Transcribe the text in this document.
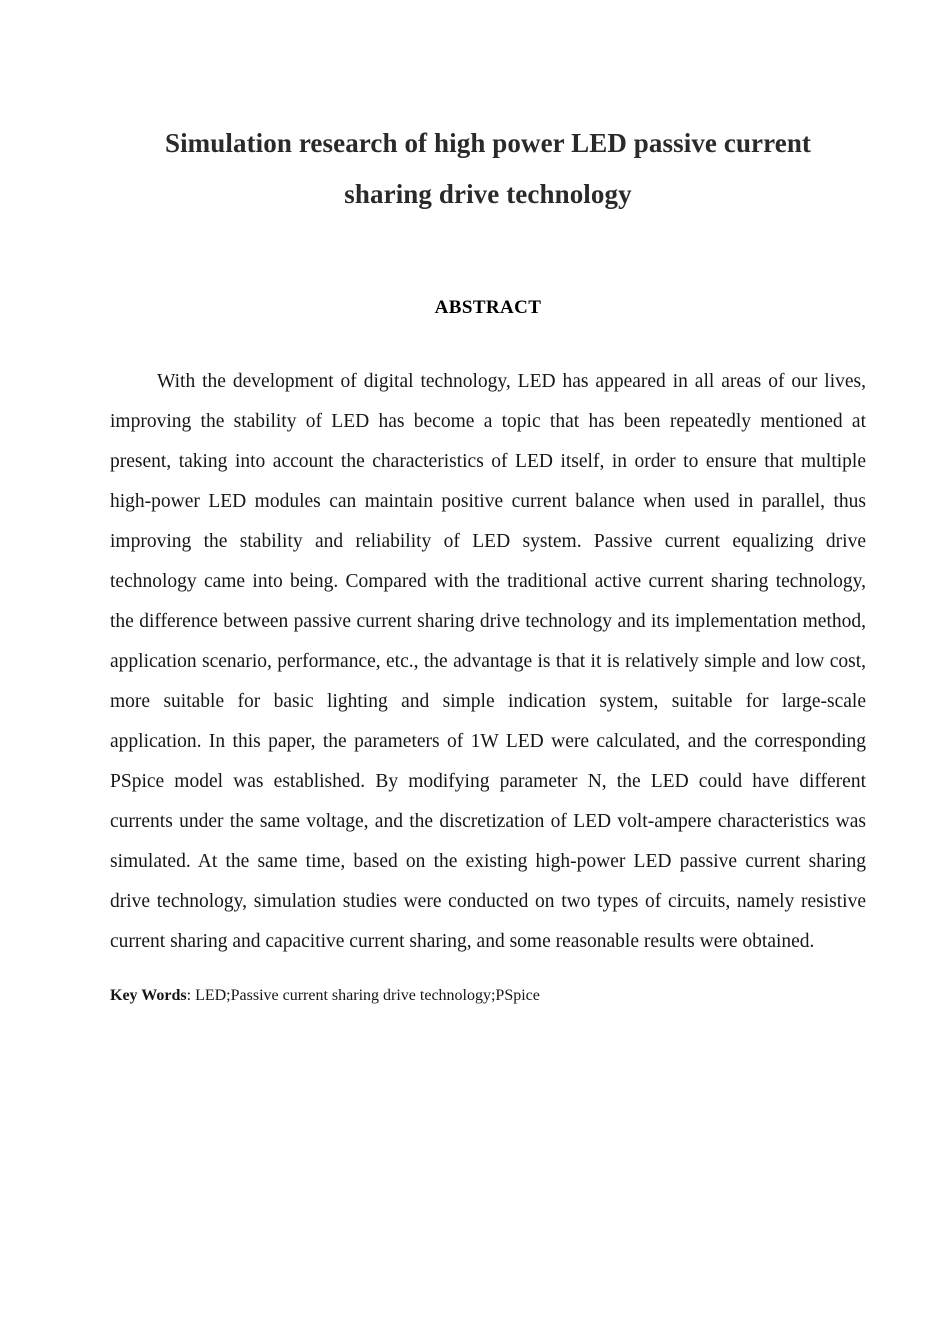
Simulation research of high power LED passive current
sharing drive technology
ABSTRACT

With the development of digital technology, LED has appeared in all areas of our lives, improving the stability of LED has become a topic that has been repeatedly mentioned at present, taking into account the characteristics of LED itself, in order to ensure that multiple high-power LED modules can maintain positive current balance when used in parallel, thus improving the stability and reliability of LED system. Passive current equalizing drive technology came into being. Compared with the traditional active current sharing technology, the difference between passive current sharing drive technology and its implementation method, application scenario, performance, etc., the advantage is that it is relatively simple and low cost, more suitable for basic lighting and simple indication system, suitable for large-scale application. In this paper, the parameters of 1W LED were calculated, and the corresponding PSpice model was established. By modifying parameter N, the LED could have different currents under the same voltage, and the discretization of LED volt-ampere characteristics was simulated. At the same time, based on the existing high-power LED passive current sharing drive technology, simulation studies were conducted on two types of circuits, namely resistive current sharing and capacitive current sharing, and some reasonable results were obtained.

Key Words: LED;Passive current sharing drive technology;PSpice
